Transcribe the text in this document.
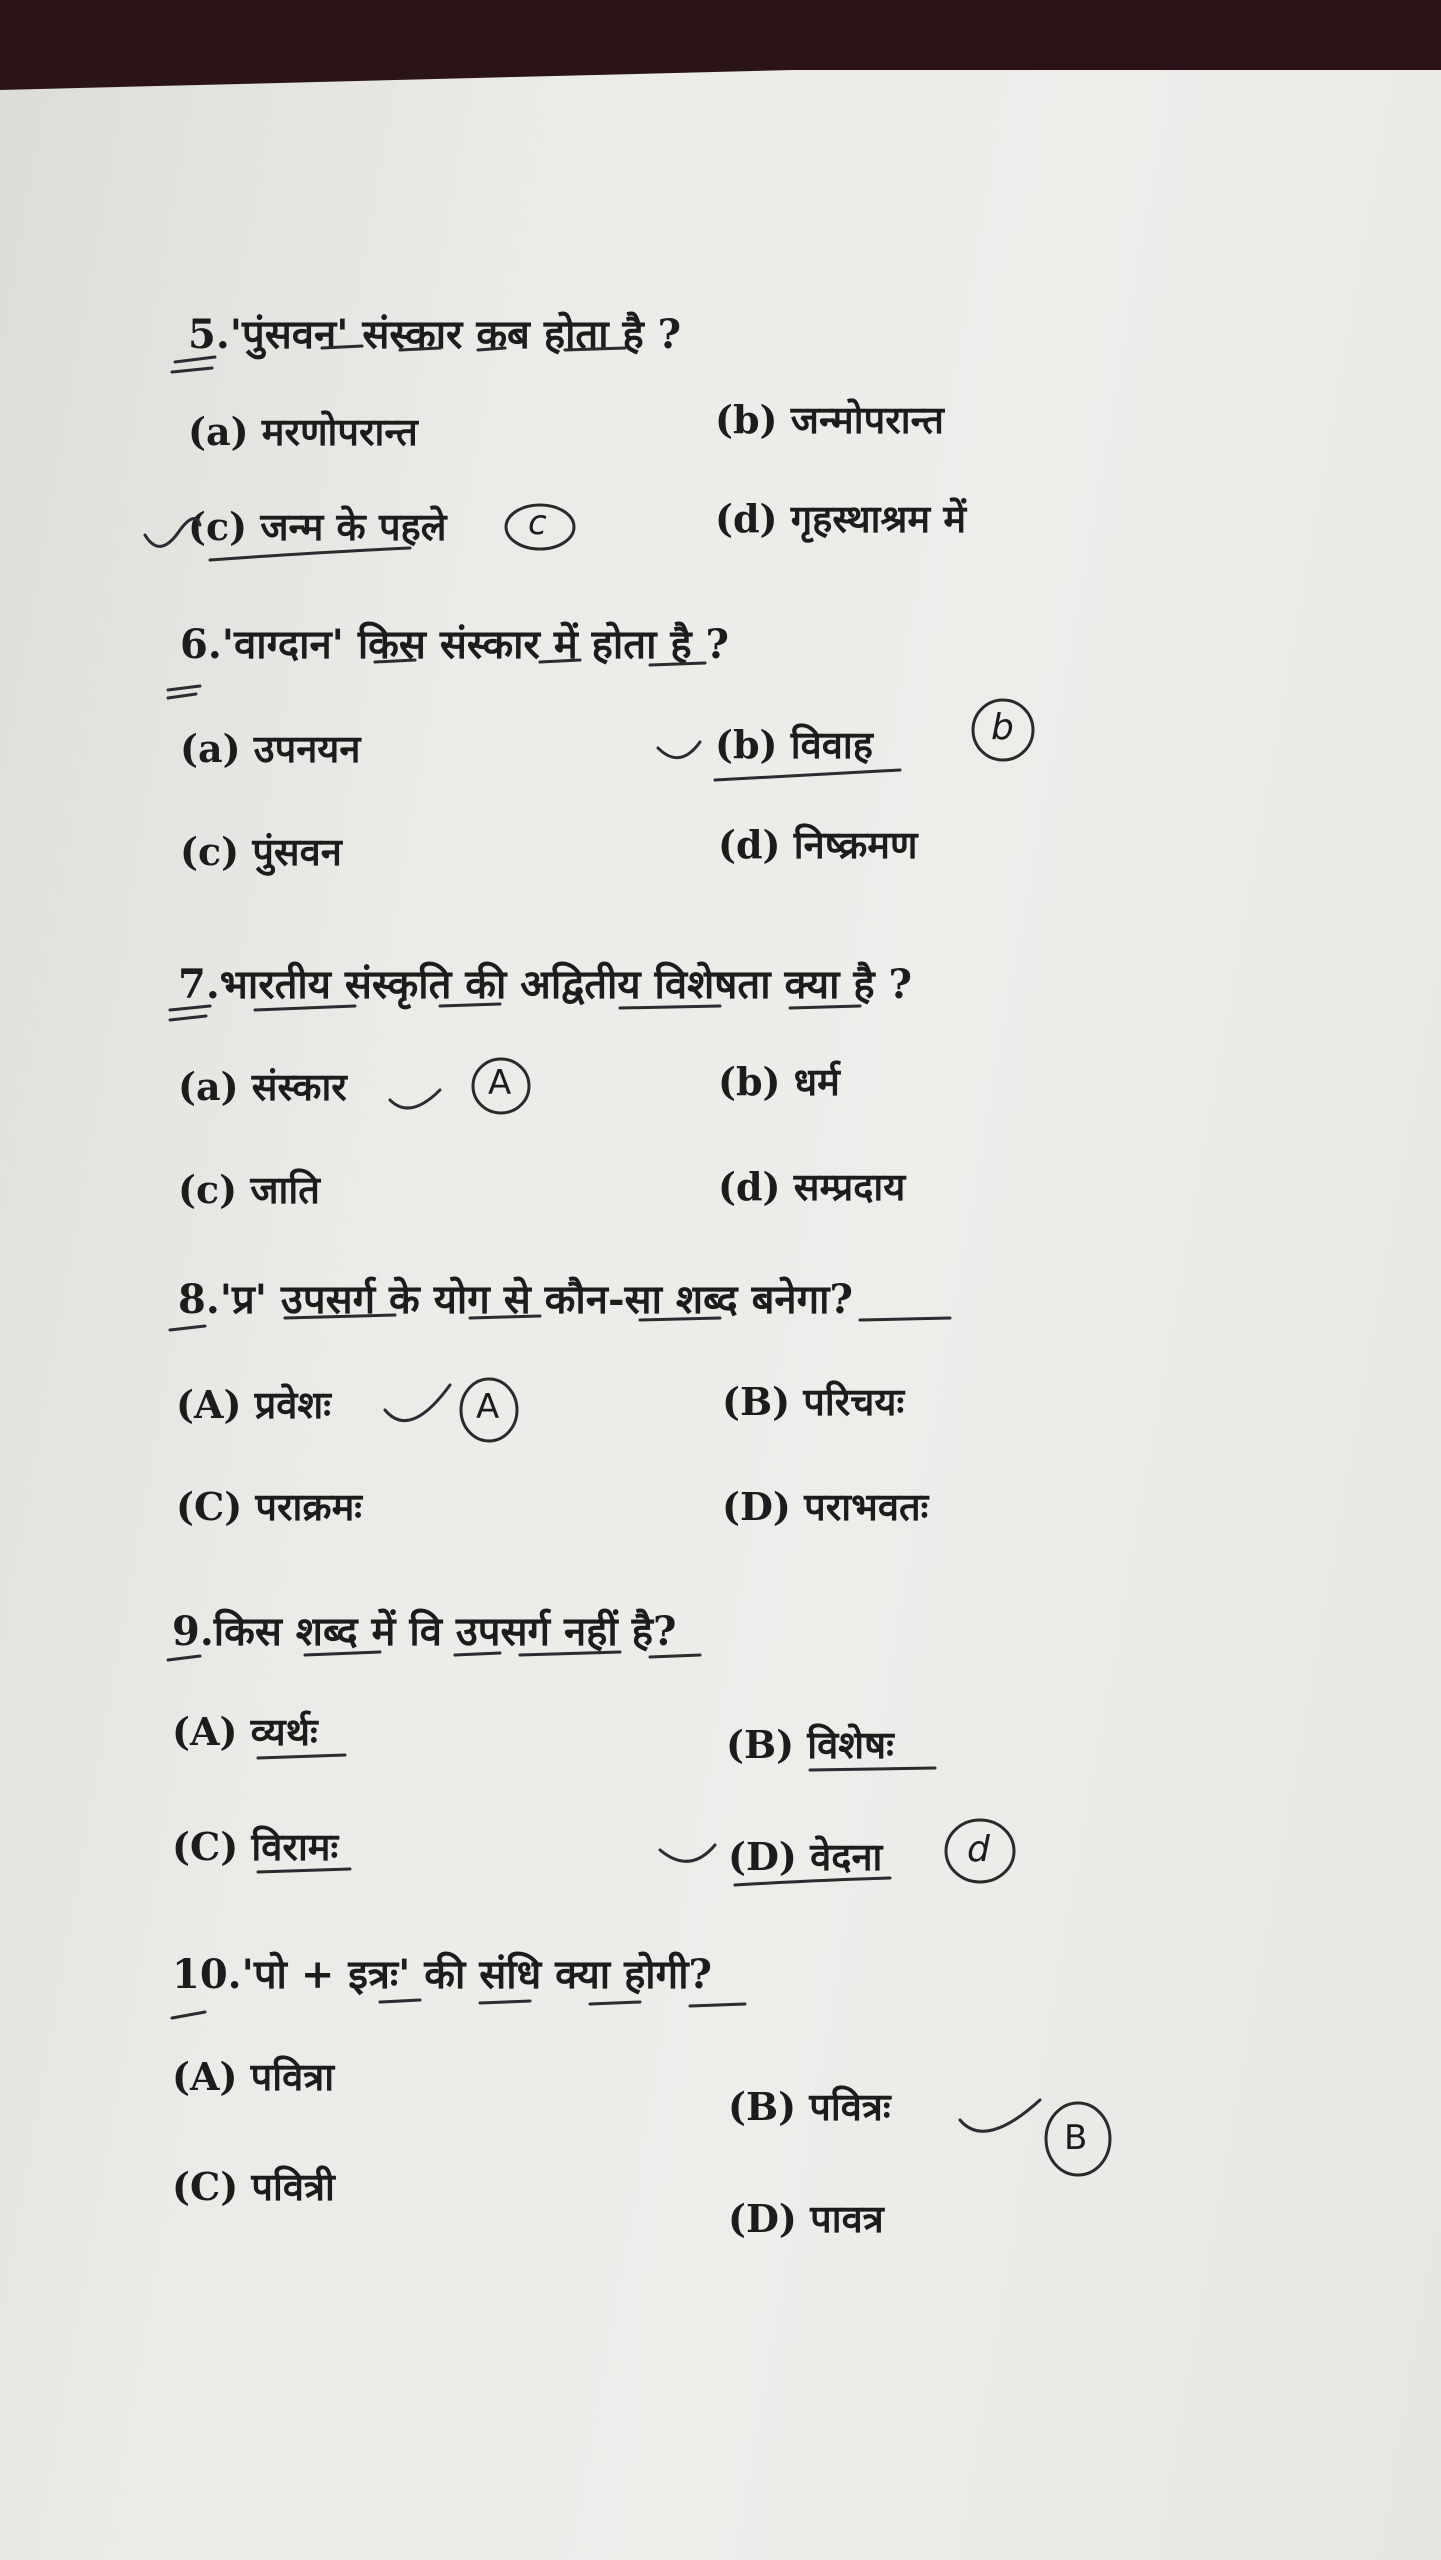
5.'पुंसवन' संस्कार कब होता है ?
(a) मरणोपरान्त	(b) जन्मोपरान्त
(c) जन्म के पहले	(d) गृहस्थाश्रम में
c
6.'वाग्दान' किस संस्कार में होता है ?
(a) उपनयन	(b) विवाह
(c) पुंसवन	(d) निष्क्रमण
b
7.भारतीय संस्कृति की अद्वितीय विशेषता क्या है ?
(a) संस्कार	(b) धर्म
(c) जाति	(d) सम्प्रदाय
A
8.'प्र' उपसर्ग के योग से कौन-सा शब्द बनेगा?
(A) प्रवेशः	(B) परिचयः
(C) पराक्रमः	(D) पराभवतः
A
9.किस शब्द में वि उपसर्ग नहीं है?
(A) व्यर्थः	(B) विशेषः
(C) विरामः	(D) वेदना d
10.'पो + इत्रः' की संधि क्या होगी?
(A) पवित्रा
(B) पवित्रः
(C) पवित्री
(D) पावत्र
B
